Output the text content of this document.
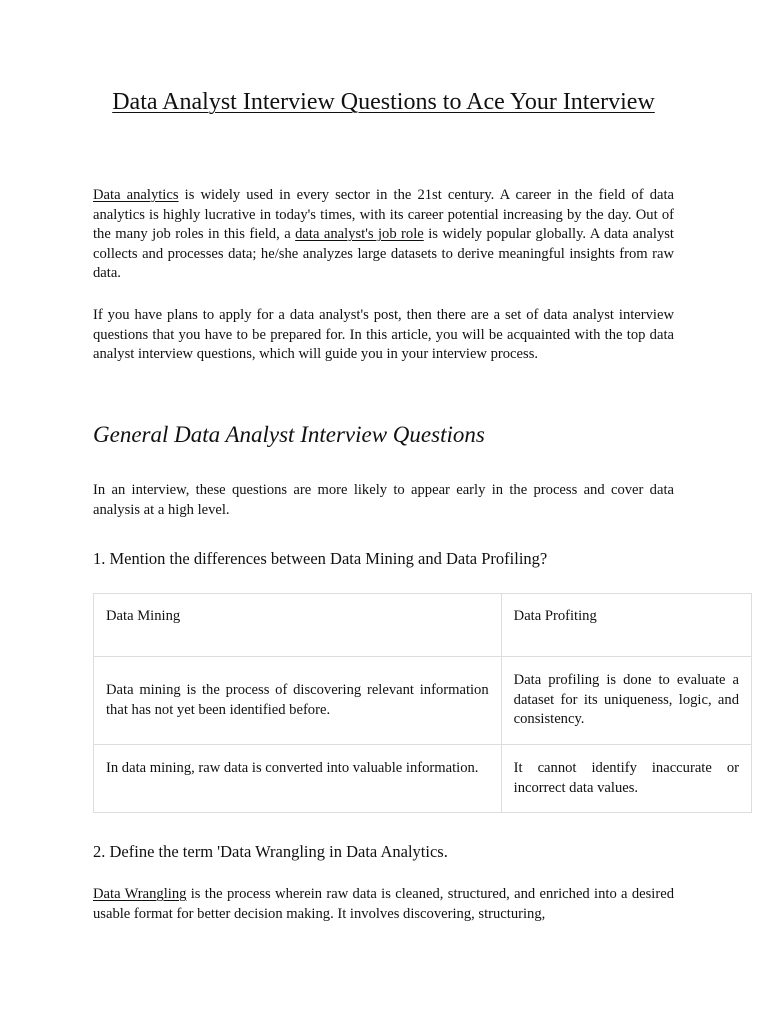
Data Analyst Interview Questions to Ace Your Interview

Data analytics is widely used in every sector in the 21st century. A career in the field of data analytics is highly lucrative in today's times, with its career potential increasing by the day. Out of the many job roles in this field, a data analyst's job role is widely popular globally. A data analyst collects and processes data; he/she analyzes large datasets to derive meaningful insights from raw data.

If you have plans to apply for a data analyst's post, then there are a set of data analyst interview questions that you have to be prepared for. In this article, you will be acquainted with the top data analyst interview questions, which will guide you in your interview process.

General Data Analyst Interview Questions

In an interview, these questions are more likely to appear early in the process and cover data analysis at a high level.

1. Mention the differences between Data Mining and Data Profiling?
Data Mining	Data Profiting
Data mining is the process of discovering relevant information that has not yet been identified before.	Data profiling is done to evaluate a dataset for its uniqueness, logic, and consistency.
In data mining, raw data is converted into valuable information.	It cannot identify inaccurate or incorrect data values.
2. Define the term 'Data Wrangling in Data Analytics.

Data Wrangling is the process wherein raw data is cleaned, structured, and enriched into a desired usable format for better decision making. It involves discovering, structuring,
